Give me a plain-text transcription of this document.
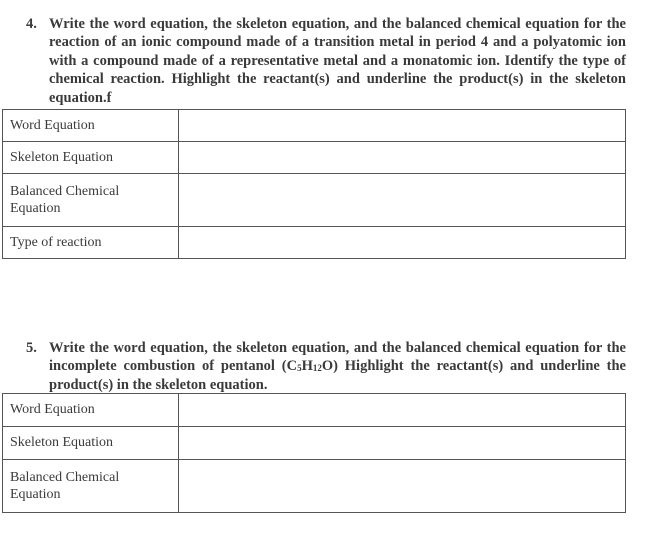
4. Write the word equation, the skeleton equation, and the balanced chemical equation for the reaction of an ionic compound made of a transition metal in period 4 and a polyatomic ion with a compound made of a representative metal and a monatomic ion. Identify the type of chemical reaction. Highlight the reactant(s) and underline the product(s) in the skeleton equation.f
Word Equation	
Skeleton Equation	
Balanced Chemical Equation	
Type of reaction	
5. Write the word equation, the skeleton equation, and the balanced chemical equation for the incomplete combustion of pentanol $(C_5H_{12}O)$ Highlight the reactant(s) and underline the product(s) in the skeleton equation.
Word Equation	
Skeleton Equation	
Balanced Chemical Equation	
